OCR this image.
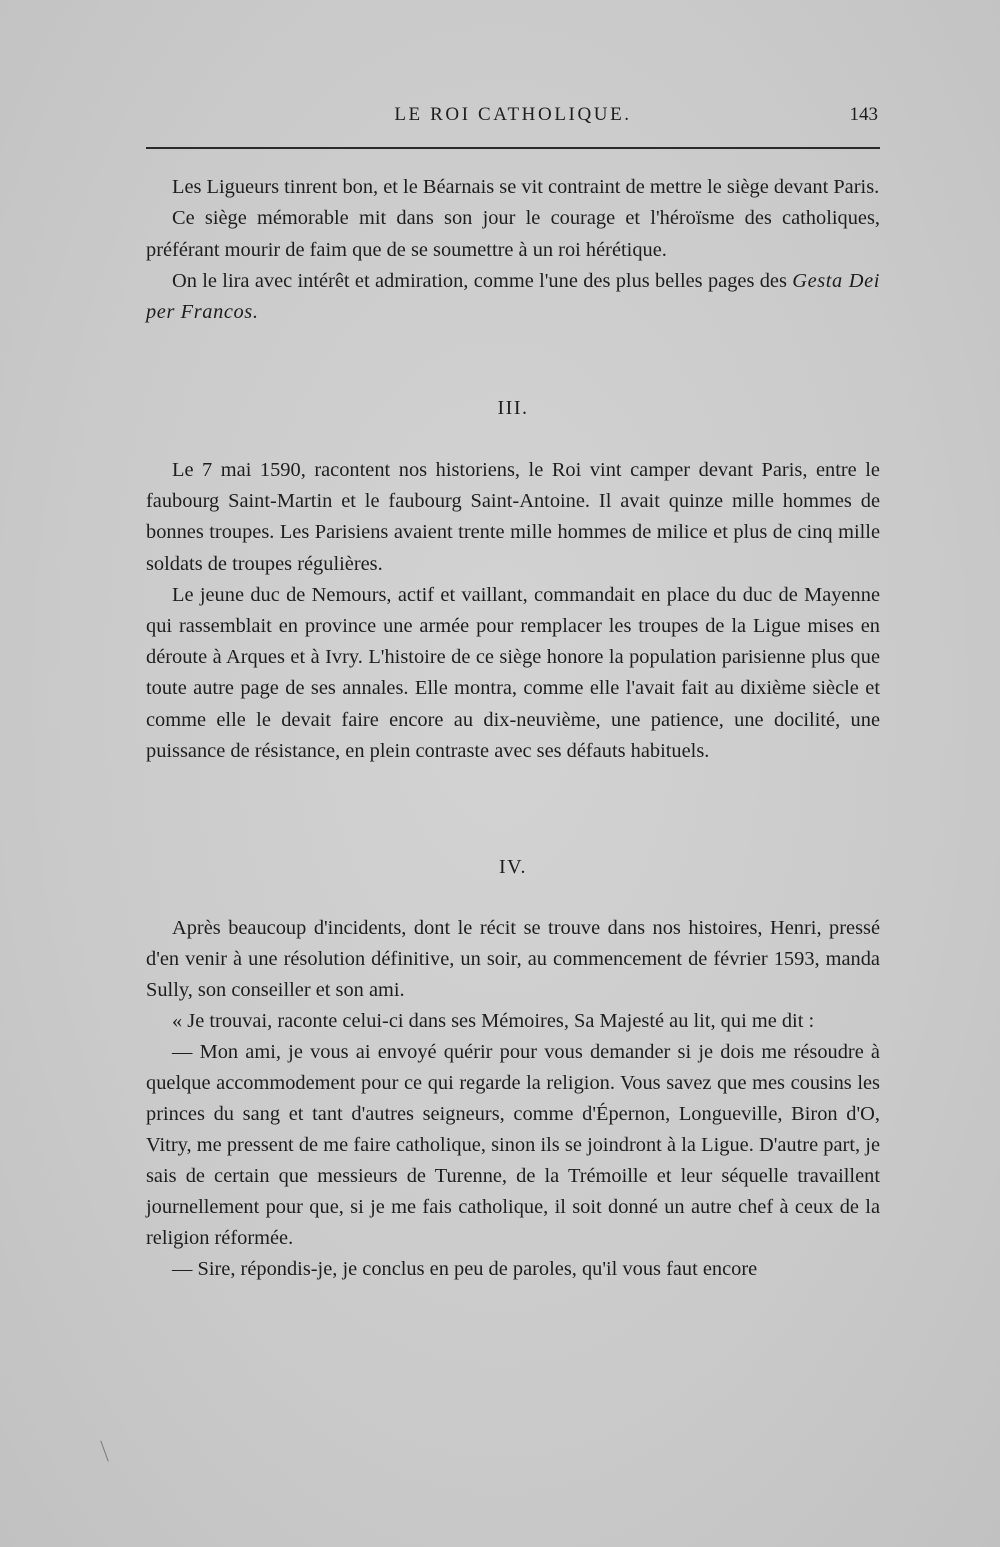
LE ROI CATHOLIQUE.	143

Les Ligueurs tinrent bon, et le Béarnais se vit contraint de mettre le siège devant Paris.

Ce siège mémorable mit dans son jour le courage et l'héroïsme des catholiques, préférant mourir de faim que de se soumettre à un roi hérétique.

On le lira avec intérêt et admiration, comme l'une des plus belles pages des Gesta Dei per Francos.

III.

Le 7 mai 1590, racontent nos historiens, le Roi vint camper devant Paris, entre le faubourg Saint-Martin et le faubourg Saint-Antoine. Il avait quinze mille hommes de bonnes troupes. Les Parisiens avaient trente mille hommes de milice et plus de cinq mille soldats de troupes régulières.

Le jeune duc de Nemours, actif et vaillant, commandait en place du duc de Mayenne qui rassemblait en province une armée pour remplacer les troupes de la Ligue mises en déroute à Arques et à Ivry. L'histoire de ce siège honore la population parisienne plus que toute autre page de ses annales. Elle montra, comme elle l'avait fait au dixième siècle et comme elle le devait faire encore au dix-neuvième, une patience, une docilité, une puissance de résistance, en plein contraste avec ses défauts habituels.

IV.

Après beaucoup d'incidents, dont le récit se trouve dans nos histoires, Henri, pressé d'en venir à une résolution définitive, un soir, au commencement de février 1593, manda Sully, son conseiller et son ami.

« Je trouvai, raconte celui-ci dans ses Mémoires, Sa Majesté au lit, qui me dit :

— Mon ami, je vous ai envoyé quérir pour vous demander si je dois me résoudre à quelque accommodement pour ce qui regarde la religion. Vous savez que mes cousins les princes du sang et tant d'autres seigneurs, comme d'Épernon, Longueville, Biron d'O, Vitry, me pressent de me faire catholique, sinon ils se joindront à la Ligue. D'autre part, je sais de certain que messieurs de Turenne, de la Trémoille et leur séquelle travaillent journellement pour que, si je me fais catholique, il soit donné un autre chef à ceux de la religion réformée.

— Sire, répondis-je, je conclus en peu de paroles, qu'il vous faut encore
